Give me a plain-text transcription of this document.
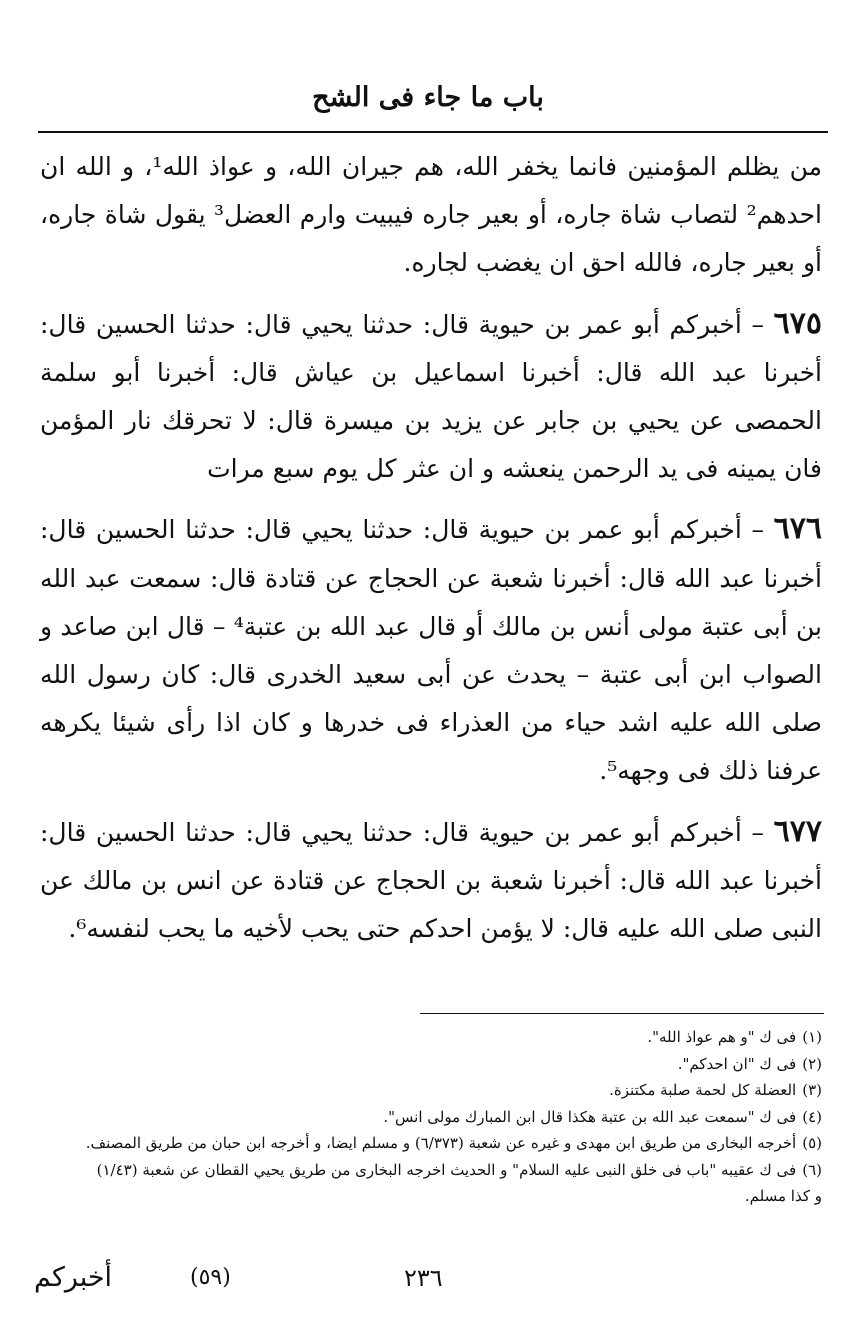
باب ما جاء فى الشح

من يظلم المؤمنين فانما يخفر الله، هم جيران الله، و عواذ الله¹، و الله ان احدهم² لتصاب شاة جاره، أو بعير جاره فيبيت وارم العضل³ يقول شاة جاره، أو بعير جاره، فالله احق ان يغضب لجاره.

٦٧٥ – أخبركم أبو عمر بن حيوية قال: حدثنا يحيي قال: حدثنا الحسين قال: أخبرنا عبد الله قال: أخبرنا اسماعيل بن عياش قال: أخبرنا أبو سلمة الحمصى عن يحيي بن جابر عن يزيد بن ميسرة قال: لا تحرقك نار المؤمن فان يمينه فى يد الرحمن ينعشه و ان عثر كل يوم سبع مرات

٦٧٦ – أخبركم أبو عمر بن حيوية قال: حدثنا يحيي قال: حدثنا الحسين قال: أخبرنا عبد الله قال: أخبرنا شعبة عن الحجاج عن قتادة قال: سمعت عبد الله بن أبى عتبة مولى أنس بن مالك أو قال عبد الله بن عتبة⁴ – قال ابن صاعد و الصواب ابن أبى عتبة – يحدث عن أبى سعيد الخدرى قال: كان رسول الله صلى الله عليه اشد حياء من العذراء فى خدرها و كان اذا رأى شيئا يكرهه عرفنا ذلك فى وجهه⁵.

٦٧٧ – أخبركم أبو عمر بن حيوية قال: حدثنا يحيي قال: حدثنا الحسين قال: أخبرنا عبد الله قال: أخبرنا شعبة بن الحجاج عن قتادة عن انس بن مالك عن النبى صلى الله عليه قال: لا يؤمن احدكم حتى يحب لأخيه ما يحب لنفسه⁶.

(١)فى ك "و هم عواذ الله".
(٢)فى ك "ان احدكم".
(٣)العضلة كل لحمة صلبة مكتنزة.
(٤)فى ك "سمعت عبد الله بن عتبة هكذا قال ابن المبارك مولى انس".
(٥)أخرجه البخارى من طريق ابن مهدى و غيره عن شعبة (٦/٣٧٣) و مسلم ايضا، و أخرجه ابن حبان من طريق المصنف.
(٦)فى ك عقيبه "باب فى خلق النبى عليه السلام" و الحديث اخرجه البخارى من طريق يحيي القطان عن شعبة (١/٤٣)
و كذا مسلم.
أخبركم	(٥٩)	٢٣٦
